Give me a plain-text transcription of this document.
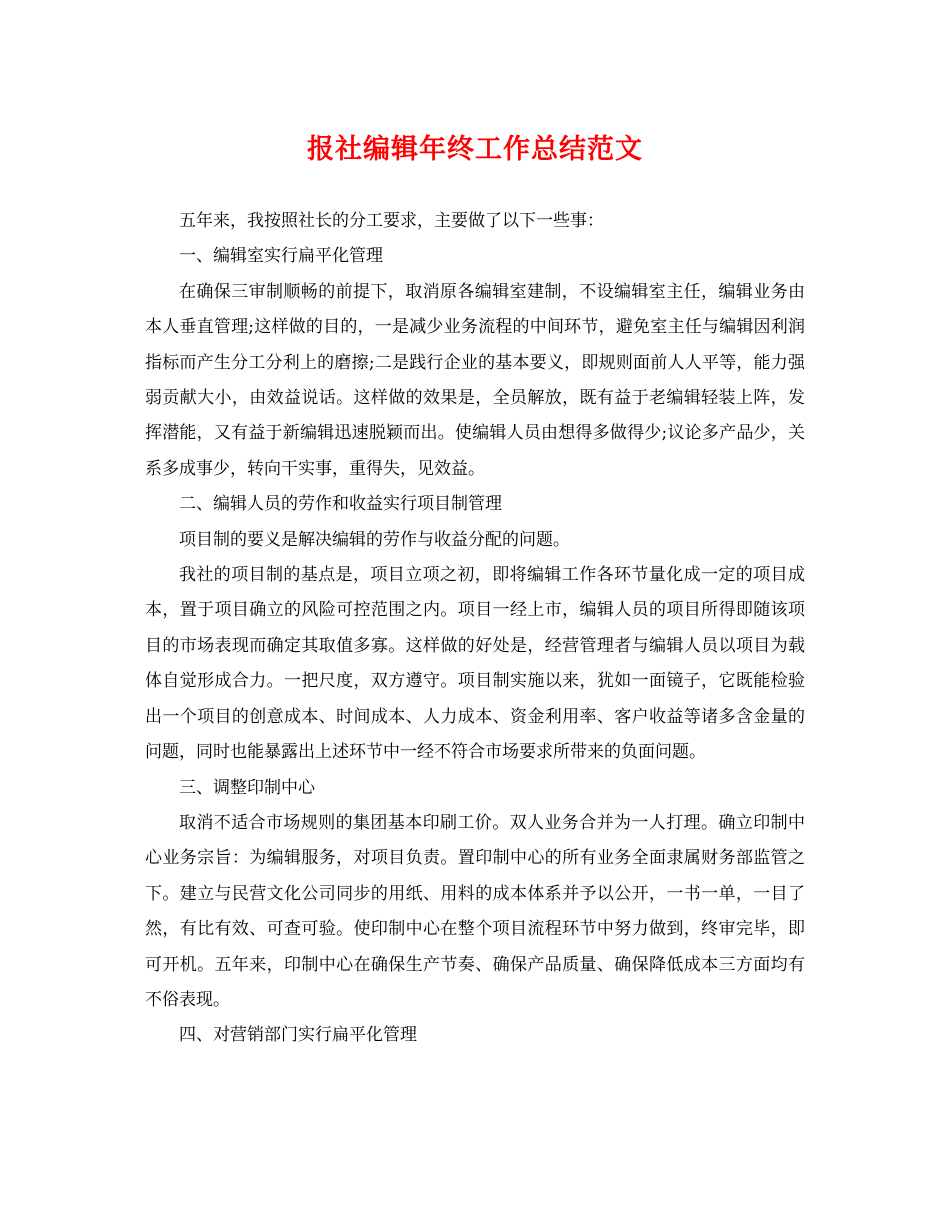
报社编辑年终工作总结范文

五年来，我按照社长的分工要求，主要做了以下一些事：

一、编辑室实行扁平化管理

在确保三审制顺畅的前提下，取消原各编辑室建制，不设编辑室主任，编辑业务由本人垂直管理;这样做的目的，一是减少业务流程的中间环节，避免室主任与编辑因利润指标而产生分工分利上的磨擦;二是践行企业的基本要义，即规则面前人人平等，能力强弱贡献大小，由效益说话。这样做的效果是，全员解放，既有益于老编辑轻装上阵，发挥潜能，又有益于新编辑迅速脱颖而出。使编辑人员由想得多做得少;议论多产品少，关系多成事少，转向干实事，重得失，见效益。

二、编辑人员的劳作和收益实行项目制管理

项目制的要义是解决编辑的劳作与收益分配的问题。

我社的项目制的基点是，项目立项之初，即将编辑工作各环节量化成一定的项目成本，置于项目确立的风险可控范围之内。项目一经上市，编辑人员的项目所得即随该项目的市场表现而确定其取值多寡。这样做的好处是，经营管理者与编辑人员以项目为载体自觉形成合力。一把尺度，双方遵守。项目制实施以来，犹如一面镜子，它既能检验出一个项目的创意成本、时间成本、人力成本、资金利用率、客户收益等诸多含金量的问题，同时也能暴露出上述环节中一经不符合市场要求所带来的负面问题。

三、调整印制中心

取消不适合市场规则的集团基本印刷工价。双人业务合并为一人打理。确立印制中心业务宗旨：为编辑服务，对项目负责。置印制中心的所有业务全面隶属财务部监管之下。建立与民营文化公司同步的用纸、用料的成本体系并予以公开，一书一单，一目了然，有比有效、可查可验。使印制中心在整个项目流程环节中努力做到，终审完毕，即可开机。五年来，印制中心在确保生产节奏、确保产品质量、确保降低成本三方面均有不俗表现。

四、对营销部门实行扁平化管理
